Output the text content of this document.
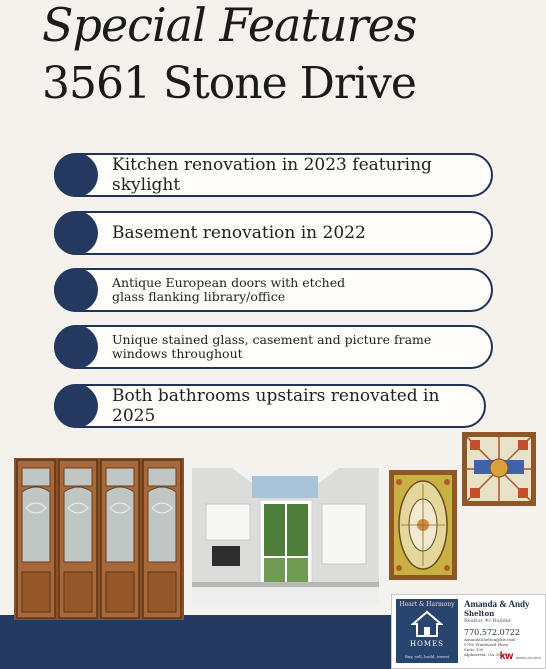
Special Features
3561 Stone Drive
Kitchen renovation in 2023 featuring skylight
Basement renovation in 2022
Antique European doors with etched glass flanking library/office
Unique stained glass, casement and picture frame windows throughout
Both bathrooms upstairs renovated in 2025
Heart & Harmony
HOMES
Buy, sell, build, invest
Amanda & Andy
Shelton
Realtor ®/ Builder
770.572.0722
AmandaShelton@kw.com
5780 Windward Pkwy
Suite 100
Alpharetta, GA 30005
kw NORTH ATLANTA
